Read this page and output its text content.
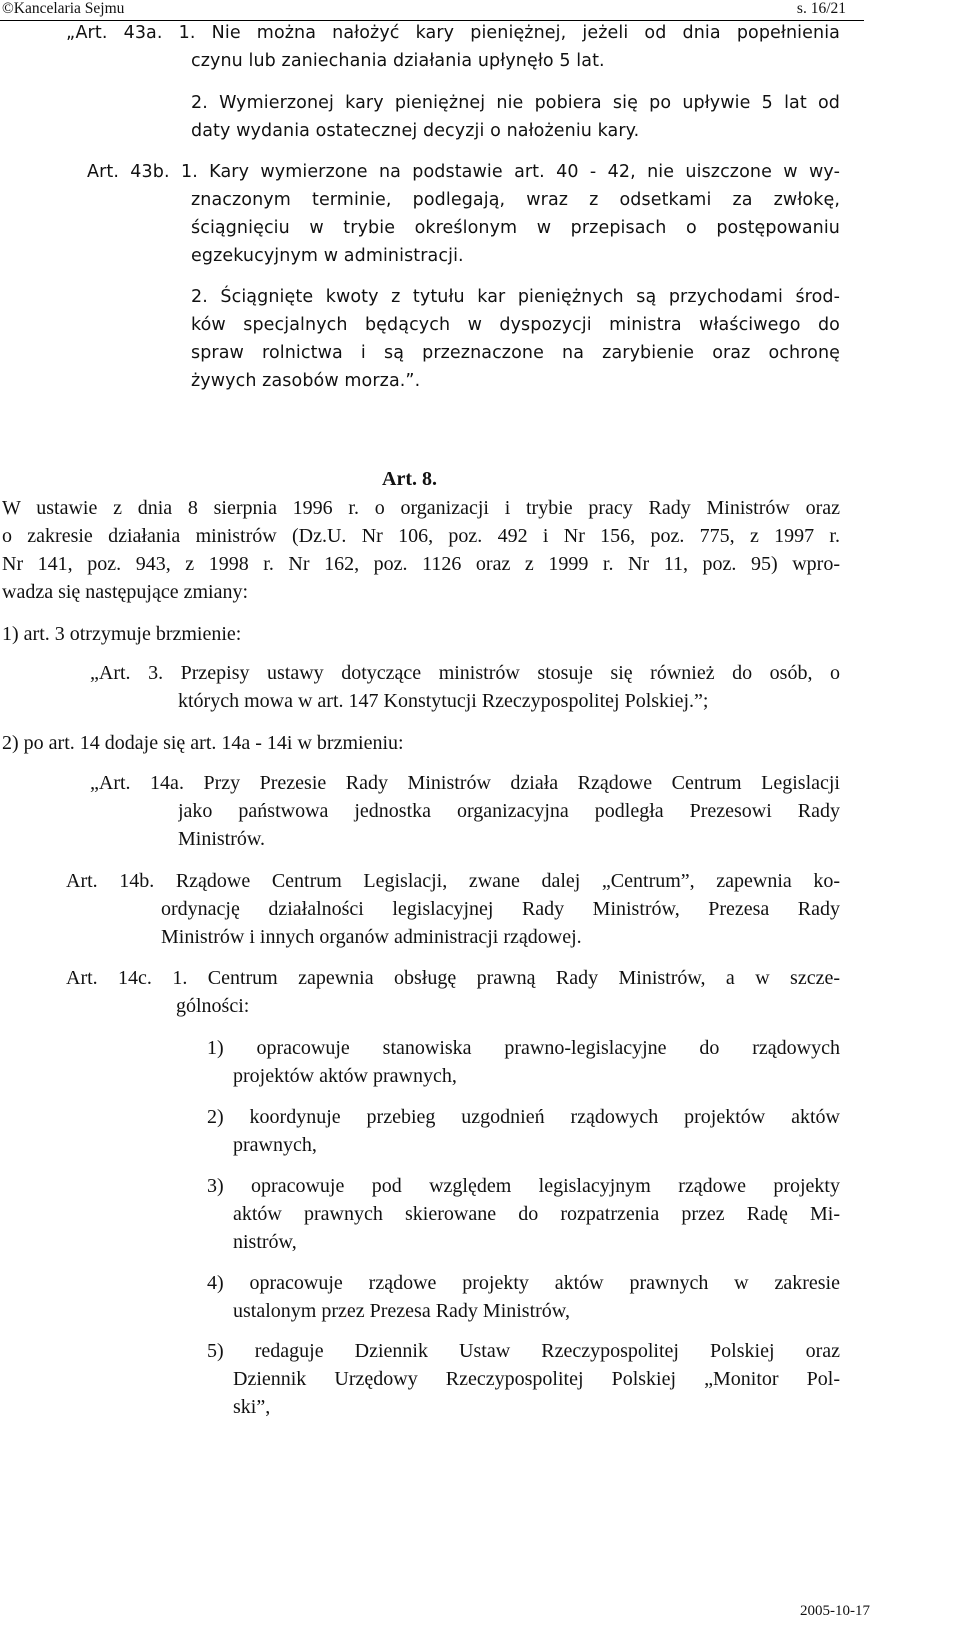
©Kancelaria Sejmu	s. 16/21
„Art. 43a. 1. Nie można nałożyć kary pieniężnej, jeżeli od dnia popełnienia
czynu lub zaniechania działania upłynęło 5 lat.
2. Wymierzonej kary pieniężnej nie pobiera się po upływie 5 lat od
daty wydania ostatecznej decyzji o nałożeniu kary.
Art. 43b. 1. Kary wymierzone na podstawie art. 40 - 42, nie uiszczone w wy-
znaczonym terminie, podlegają, wraz z odsetkami za zwłokę,
ściągnięciu w trybie określonym w przepisach o postępowaniu
egzekucyjnym w administracji.
2. Ściągnięte kwoty z tytułu kar pieniężnych są przychodami środ-
ków specjalnych będących w dyspozycji ministra właściwego do
spraw rolnictwa i są przeznaczone na zarybienie oraz ochronę
żywych zasobów morza.”.
Art. 8.
W ustawie z dnia 8 sierpnia 1996 r. o organizacji i trybie pracy Rady Ministrów oraz
o zakresie działania ministrów (Dz.U. Nr 106, poz. 492 i Nr 156, poz. 775, z 1997 r.
Nr 141, poz. 943, z 1998 r. Nr 162, poz. 1126 oraz z 1999 r. Nr 11, poz. 95) wpro-
wadza się następujące zmiany:
1) art. 3 otrzymuje brzmienie:
„Art. 3. Przepisy ustawy dotyczące ministrów stosuje się również do osób, o
których mowa w art. 147 Konstytucji Rzeczypospolitej Polskiej.”;
2) po art. 14 dodaje się art. 14a - 14i w brzmieniu:
„Art. 14a. Przy Prezesie Rady Ministrów działa Rządowe Centrum Legislacji
jako państwowa jednostka organizacyjna podległa Prezesowi Rady
Ministrów.
Art. 14b. Rządowe Centrum Legislacji, zwane dalej „Centrum”, zapewnia ko-
ordynację działalności legislacyjnej Rady Ministrów, Prezesa Rady
Ministrów i innych organów administracji rządowej.
Art. 14c. 1. Centrum zapewnia obsługę prawną Rady Ministrów, a w szcze-
gólności:
1) opracowuje stanowiska prawno-legislacyjne do rządowych
projektów aktów prawnych,
2) koordynuje przebieg uzgodnień rządowych projektów aktów
prawnych,
3) opracowuje pod względem legislacyjnym rządowe projekty
aktów prawnych skierowane do rozpatrzenia przez Radę Mi-
nistrów,
4) opracowuje rządowe projekty aktów prawnych w zakresie
ustalonym przez Prezesa Rady Ministrów,
5) redaguje Dziennik Ustaw Rzeczypospolitej Polskiej oraz
Dziennik Urzędowy Rzeczypospolitej Polskiej „Monitor Pol-
ski”,
2005-10-17
